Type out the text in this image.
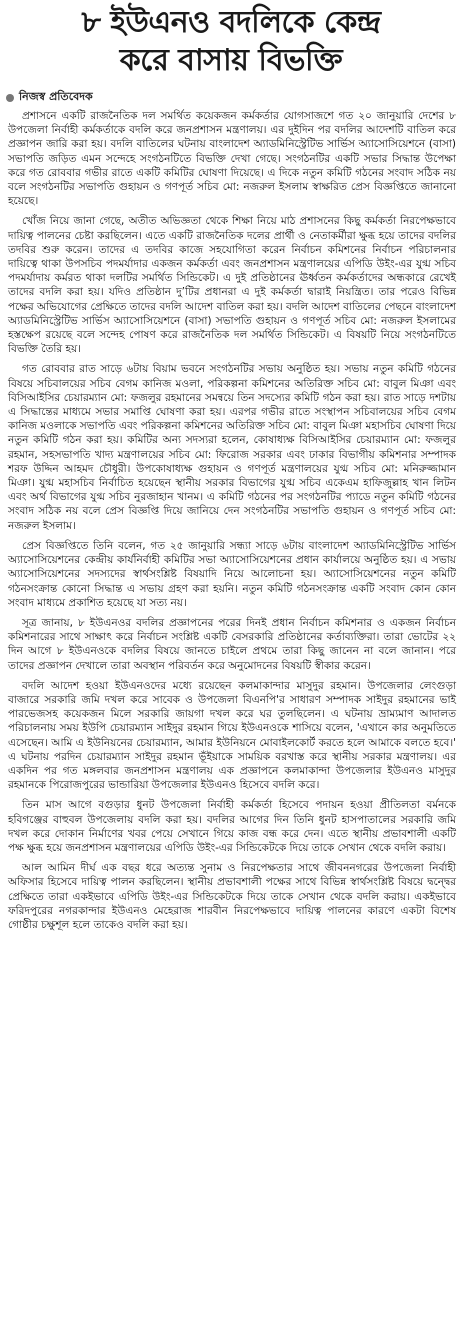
৮ ইউএনও বদলিকে কেন্দ্র
করে বাসায় বিভক্তি
নিজস্ব প্রতিবেদক

প্রশাসনে একটি রাজনৈতিক দল সমর্থিত কয়েকজন কর্মকর্তার যোগসাজশে গত ২০ জানুয়ারি দেশের ৮ উপজেলা নির্বাহী কর্মকর্তাকে বদলি করে জনপ্রশাসন মন্ত্রণালয়। এর দুইদিন পর বদলির আদেশটি বাতিল করে প্রজ্ঞাপন জারি করা হয়। বদলি বাতিলের ঘটনায় বাংলাদেশ অ্যাডমিনিস্ট্রেটিভ সার্ভিস অ্যাসোসিয়েশনে (বাসা) সভাপতি জড়িত এমন সন্দেহে সংগঠনটিতে বিভক্তি দেখা গেছে। সংগঠনটির একটি সভার সিদ্ধান্ত উপেক্ষা করে গত রোববার গভীর রাতে একটি কমিটির ঘোষণা দিয়েছে। এ দিকে নতুন কমিটি গঠনের সংবাদ সঠিক নয় বলে সংগঠনটির সভাপতি গুহায়ন ও গণপূর্ত সচিব মো: নজরুল ইসলাম স্বাক্ষরিত প্রেস বিজ্ঞপ্তিতে জানানো হয়েছে।

খোঁজ নিয়ে জানা গেছে, অতীত অভিজ্ঞতা থেকে শিক্ষা নিয়ে মাঠ প্রশাসনের কিছু কর্মকর্তা নিরপেক্ষভাবে দায়িত্ব পালনের চেষ্টা করছিলেন। এতে একটি রাজনৈতিক দলের প্রার্থী ও নেতাকর্মীরা ক্ষুব্ধ হয়ে তাদের বদলির তদবির শুরু করেন। তাদের এ তদবির কাজে সহযোগিতা করেন নির্বাচন কমিশনের নির্বাচন পরিচালনার দায়িত্বে থাকা উপসচিব পদমর্যাদার একজন কর্মকর্তা এবং জনপ্রশাসন মন্ত্রণালয়ের এপিডি উইং-এর যুগ্ম সচিব পদমর্যাদায় কর্মরত থাকা দলটির সমর্থিত সিন্ডিকেট। এ দুই প্রতিষ্ঠানের ঊর্ধ্বতন কর্মকর্তাদের অন্ধকারে রেখেই তাদের বদলি করা হয়। যদিও প্রতিষ্ঠান দু’টির প্রধানরা এ দুই কর্মকর্তা দ্বারাই নিয়ন্ত্রিত। তার পরেও বিভিন্ন পক্ষের অভিযোগের প্রেক্ষিতে তাদের বদলি আদেশ বাতিল করা হয়। বদলি আদেশ বাতিলের পেছনে বাংলাদেশ অ্যাডমিনিস্ট্রেটিভ সার্ভিস অ্যাসোসিয়েশনে (বাসা) সভাপতি গুহায়ন ও গণপূর্ত সচিব মো: নজরুল ইসলামের হস্তক্ষেপ রয়েছে বলে সন্দেহ পোষণ করে রাজনৈতিক দল সমর্থিত সিন্ডিকেট। এ বিষয়টি নিয়ে সংগঠনটিতে বিভক্তি তৈরি হয়।

গত রোববার রাত সাড়ে ৬টায় বিয়াম ভবনে সংগঠনটির সভায় অনুষ্ঠিত হয়। সভায় নতুন কমিটি গঠনের বিষয়ে সচিবালয়ের সচিব বেগম কানিজ মওলা, পরিকল্পনা কমিশনের অতিরিক্ত সচিব মো: বাবুল মিঞা এবং বিসিআইসির চেয়ারম্যান মো: ফজলুর রহমানের সমন্বয়ে তিন সদস্যের কমিটি গঠন করা হয়। রাত সাড়ে দশটায় এ সিদ্ধান্তের মাধ্যমে সভার সমাপ্তি ঘোষণা করা হয়। এরপর গভীর রাতে সংস্থাপন সচিবালয়ের সচিব বেগম কানিজ মওলাকে সভাপতি এবং পরিকল্পনা কমিশনের অতিরিক্ত সচিব মো: বাবুল মিঞা মহাসচিব ঘোষণা দিয়ে নতুন কমিটি গঠন করা হয়। কমিটির অন্য সদস্যরা হলেন, কোষাধ্যক্ষ বিসিআইসির চেয়ারম্যান মো: ফজলুর রহমান, সহসভাপতি খাদ্য মন্ত্রণালয়ের সচিব মো: ফিরোজ সরকার এবং ঢাকার বিভাগীয় কমিশনার সম্পাদক শরফ উদ্দিন আহমদ চৌধুরী। উপকোষাধ্যক্ষ গুহায়ন ও গণপূর্ত মন্ত্রণালয়ের যুগ্ম সচিব মো: মনিরুজ্জামান মিঞা। যুগ্ম মহাসচিব নির্বাচিত হয়েছেন স্থানীয় সরকার বিভাগের যুগ্ম সচিব একেএম হাফিজুল্লাহ খান লিটন এবং অর্থ বিভাগের যুগ্ম সচিব নুরজাহান খানম। এ কমিটি গঠনের পর সংগঠনটির প্যাডে নতুন কমিটি গঠনের সংবাদ সঠিক নয় বলে প্রেস বিজ্ঞপ্তি দিয়ে জানিয়ে দেন সংগঠনটির সভাপতি গুহায়ন ও গণপূর্ত সচিব মো: নজরুল ইসলাম।

প্রেস বিজ্ঞপ্তিতে তিনি বলেন, গত ২৫ জানুয়ারি সন্ধ্যা সাড়ে ৬টায় বাংলাদেশ অ্যাডমিনিস্ট্রেটিভ সার্ভিস অ্যাসোসিয়েশনের কেন্দ্রীয় কার্যনির্বাহী কমিটির সভা অ্যাসোসিয়েশনের প্রধান কার্যালয়ে অনুষ্ঠিত হয়। এ সভায় অ্যাসোসিয়েশনের সদস্যদের স্বার্থসংশ্লিষ্ট বিষয়াদি নিয়ে আলোচনা হয়। অ্যাসোসিয়েশনের নতুন কমিটি গঠনসংক্রান্ত কোনো সিদ্ধান্ত এ সভায় গ্রহণ করা হয়নি। নতুন কমিটি গঠনসংক্রান্ত একটি সংবাদ কোন কোন সংবাদ মাধ্যমে প্রকাশিত হয়েছে যা সত্য নয়।

সূত্র জানায়, ৮ ইউএনওর বদলির প্রজ্ঞাপনের পরের দিনই প্রধান নির্বাচন কমিশনার ও একজন নির্বাচন কমিশনারের সাথে সাক্ষাৎ করে নির্বাচন সংশ্লিষ্ট একটি বেসরকারি প্রতিষ্ঠানের কর্তাব্যক্তিরা। তারা ভোটের ২২ দিন আগে ৮ ইউএনওকে বদলির বিষয়ে জানতে চাইলে প্রথমে তারা কিছু জানেন না বলে জানান। পরে তাদের প্রজ্ঞাপন দেখালে তারা অবস্থান পরিবর্তন করে অনুমোদনের বিষয়টি স্বীকার করেন।

বদলি আদেশ হওয়া ইউএনওদের মধ্যে রয়েছেন কলমাকান্দার মাসুদুর রহমান। উপজেলার লেংগুড়া বাজারে সরকারি জমি দখল করে সাবেক ও উপজেলা বিএনপি'র সাধারণ সম্পাদক সাইদুর রহমানের ভাই পারভেজসহ কয়েকজন মিলে সরকারি জায়গা দখল করে ঘর তুলছিলেন। এ ঘটনায় ভ্রাম্যমাণ আদালত পরিচালনায় সময় ইউপি চেয়ারম্যান সাইদুর রহমান গিয়ে ইউএনওকে শাসিয়ে বলেন, 'এখানে কার অনুমতিতে এসেছেন। আমি এ ইউনিয়নের চেয়ারম্যান, আমার ইউনিয়নে মোবাইলকোর্ট করতে হলে আমাকে বলতে হবে।' এ ঘটনায় পরদিন চেয়ারম্যান সাইদুর রহমান ভূঁইয়াকে সাময়িক বরখাস্ত করে স্থানীয় সরকার মন্ত্রণালয়। এর একদিন পর গত মঙ্গলবার জনপ্রশাসন মন্ত্রণালয় এক প্রজ্ঞাপনে কলমাকান্দা উপজেলার ইউএনও মাসুদুর রহমানকে পিরোজপুরের ভান্ডারিয়া উপজেলার ইউএনও হিসেবে বদলি করে।

তিন মাস আগে বগুড়ার ধুনট উপজেলা নির্বাহী কর্মকর্তা হিসেবে পদায়ন হওয়া প্রীতিলতা বর্মনকে হবিগঞ্জের বাহুবল উপজেলায় বদলি করা হয়। বদলির আগের দিন তিনি ধুনট হাসপাতালের সরকারি জমি দখল করে দোকান নির্মাণের খবর পেয়ে সেখানে গিয়ে কাজ বন্ধ করে দেন। এতে স্থানীয় প্রভাবশালী একটি পক্ষ ক্ষুব্ধ হয়ে জনপ্রশাসন মন্ত্রণালয়ের এপিডি উইং-এর সিন্ডিকেটকে দিয়ে তাকে সেখান থেকে বদলি করায়।

আল আমিন দীর্ঘ এক বছর ধরে অত্যন্ত সুনাম ও নিরপেক্ষতার সাথে জীবননগরের উপজেলা নির্বাহী অফিসার হিসেবে দায়িত্ব পালন করছিলেন। স্থানীয় প্রভাবশালী পক্ষের সাথে বিভিন্ন স্বার্থসংশ্লিষ্ট বিষয়ে দ্বন্দ্বের প্রেক্ষিতে তারা একইভাবে এপিডি উইং-এর সিন্ডিকেটকে দিয়ে তাকে সেখান থেকে বদলি করায়। একইভাবে ফরিদপুরের নগরকান্দার ইউএনও মেহেরাজ শারবীন নিরপেক্ষভাবে দায়িত্ব পালনের কারণে একটা বিশেষ গোষ্ঠীর চক্ষুশূল হলে তাকেও বদলি করা হয়।
